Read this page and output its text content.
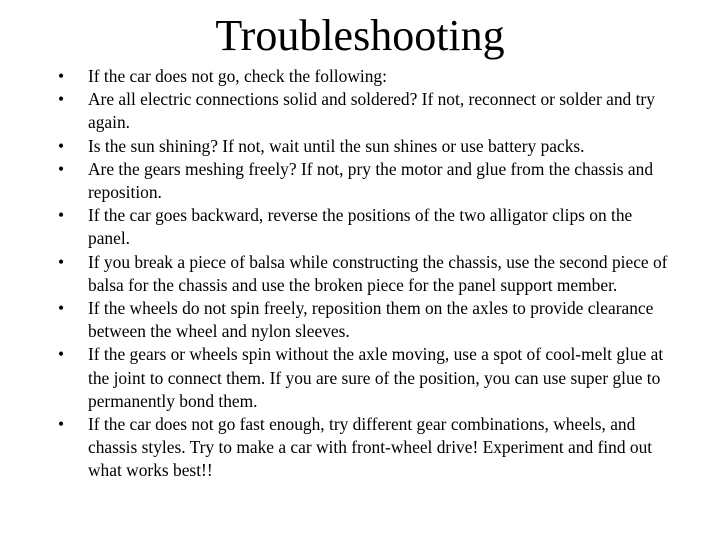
Troubleshooting
•	If the car does not go, check the following:
•	Are all electric connections solid and soldered? If not, reconnect or solder and try again.
•	Is the sun shining? If not, wait until the sun shines or use battery packs.
•	Are the gears meshing freely? If not, pry the motor and glue from the chassis and reposition.
•	If the car goes backward, reverse the positions of the two alligator clips on the panel.
•	If you break a piece of balsa while constructing the chassis, use the second piece of balsa for the chassis and use the broken piece for the panel support member.
•	If the wheels do not spin freely, reposition them on the axles to provide clearance between the wheel and nylon sleeves.
•	If the gears or wheels spin without the axle moving, use a spot of cool-melt glue at the joint to connect them. If you are sure of the position, you can use super glue to permanently bond them.
•	If the car does not go fast enough, try different gear combinations, wheels, and chassis styles. Try to make a car with front-wheel drive! Experiment and find out what works best!!
